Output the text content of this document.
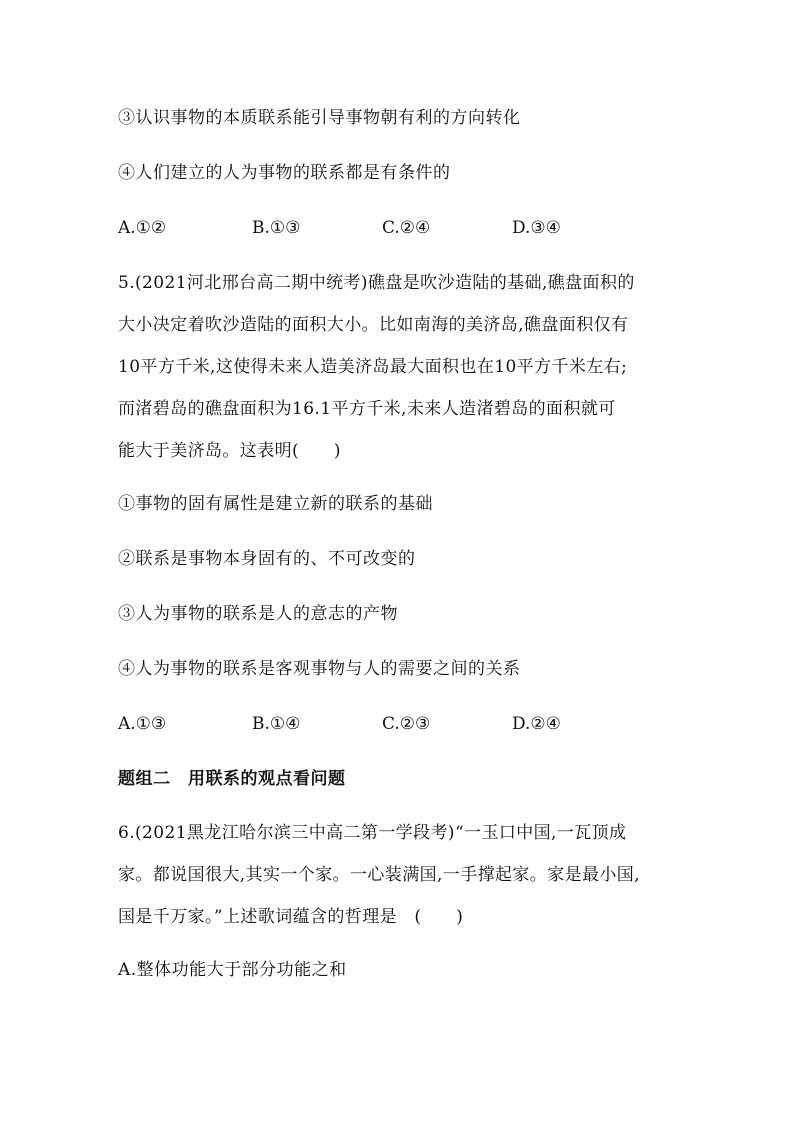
③认识事物的本质联系能引导事物朝有利的方向转化
④人们建立的人为事物的联系都是有条件的
A.①②	B.①③	C.②④	D.③④
5.(2021河北邢台高二期中统考)礁盘是吹沙造陆的基础,礁盘面积的
大小决定着吹沙造陆的面积大小。比如南海的美济岛,礁盘面积仅有
10平方千米,这使得未来人造美济岛最大面积也在10平方千米左右;
而渚碧岛的礁盘面积为16.1平方千米,未来人造渚碧岛的面积就可
能大于美济岛。这表明(　　)
①事物的固有属性是建立新的联系的基础
②联系是事物本身固有的、不可改变的
③人为事物的联系是人的意志的产物
④人为事物的联系是客观事物与人的需要之间的关系
A.①③	B.①④	C.②③	D.②④
题组二　用联系的观点看问题
6.(2021黑龙江哈尔滨三中高二第一学段考)“一玉口中国,一瓦顶成
家。都说国很大,其实一个家。一心装满国,一手撑起家。家是最小国,
国是千万家。”上述歌词蕴含的哲理是　(　　)
A.整体功能大于部分功能之和
